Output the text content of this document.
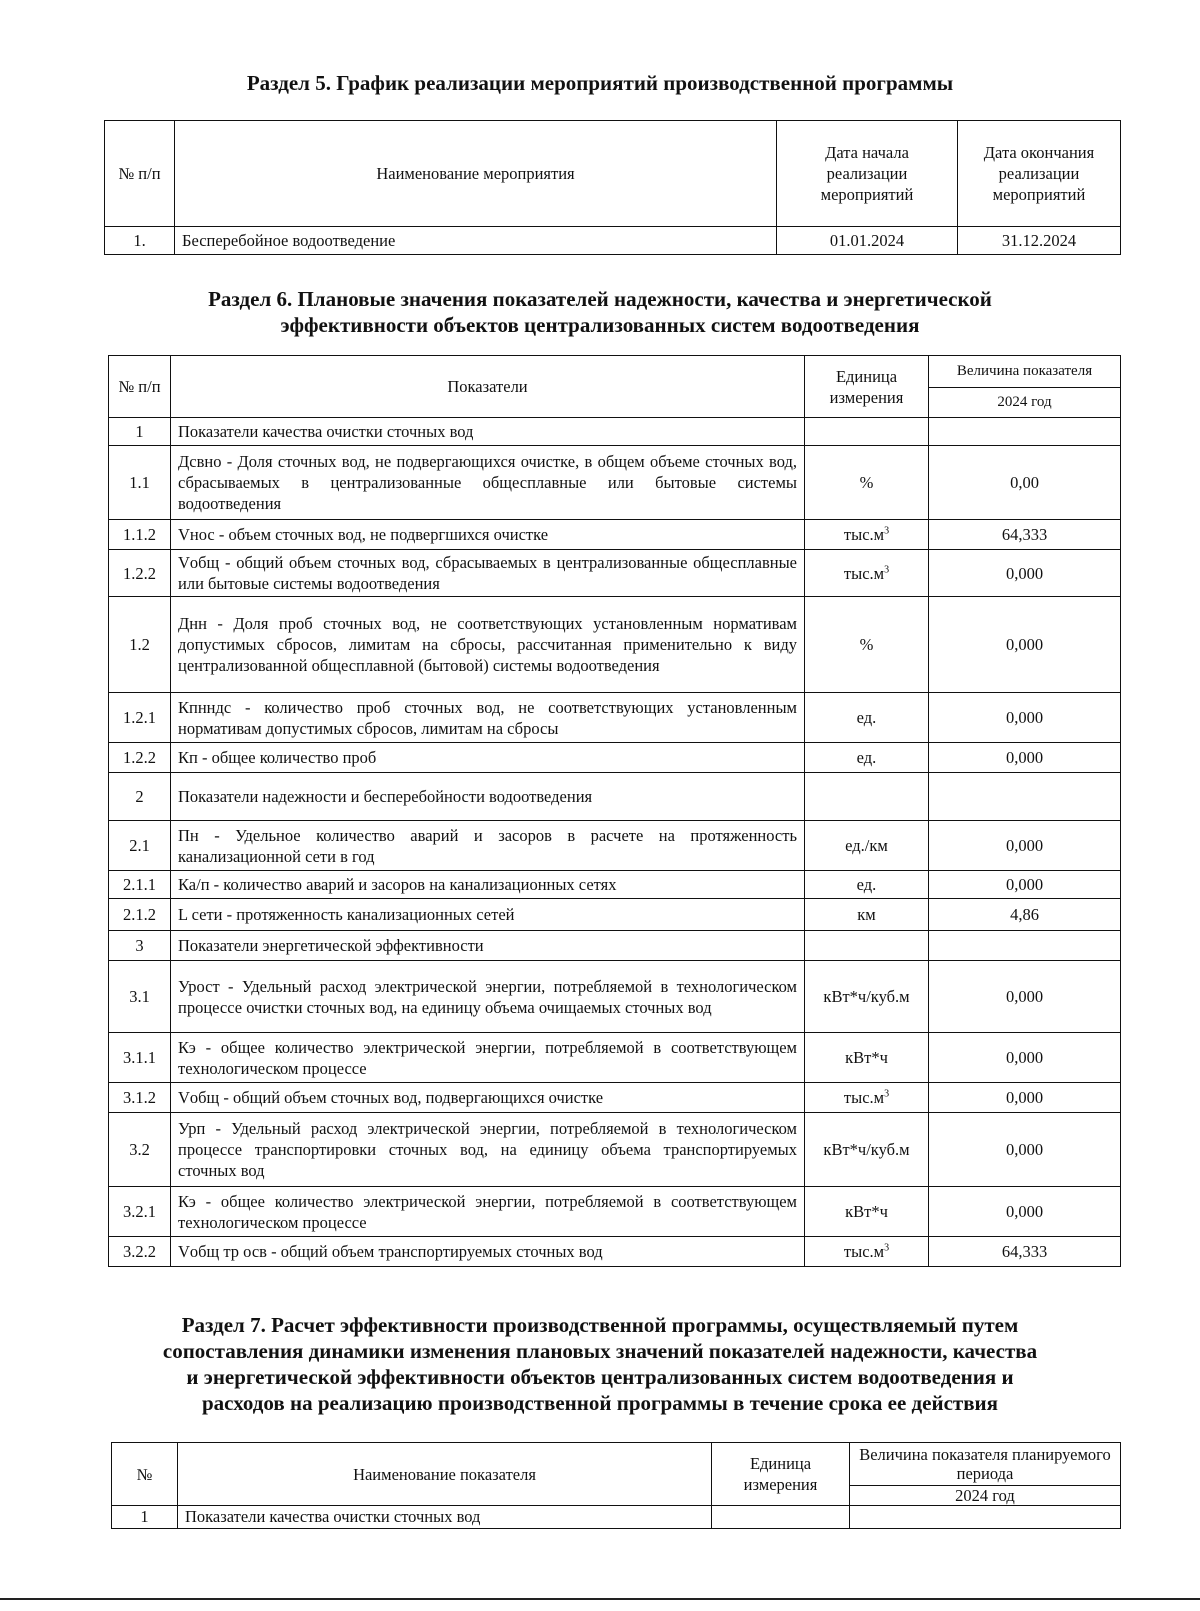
Раздел 5. График реализации мероприятий производственной программы
№ п/п	Наименование мероприятия	Дата начала реализации мероприятий	Дата окончания реализации мероприятий
1.	Бесперебойное водоотведение	01.01.2024	31.12.2024
Раздел 6. Плановые значения показателей надежности, качества и энергетической
эффективности объектов централизованных систем водоотведения
№ п/п	Показатели	Единица измерения	Величина показателя
			2024 год
1	Показатели качества очистки сточных вод		
1.1	Дсвно - Доля сточных вод, не подвергающихся очистке, в общем объеме сточных вод, сбрасываемых в централизованные общесплавные или бытовые системы водоотведения	%	0,00
1.1.2	Vнос - объем сточных вод, не подвергшихся очистке	$тыс.м^3$	64,333
1.2.2	Vобщ - общий объем сточных вод, сбрасываемых в централизованные общесплавные или бытовые системы водоотведения	$тыс.м^3$	0,000
1.2	Днн - Доля проб сточных вод, не соответствующих установленным нормативам допустимых сбросов, лимитам на сбросы, рассчитанная применительно к виду централизованной общесплавной (бытовой) системы водоотведения	%	0,000
1.2.1	Кпнндс - количество проб сточных вод, не соответствующих установленным нормативам допустимых сбросов, лимитам на сбросы	ед.	0,000
1.2.2	Кп - общее количество проб	ед.	0,000
2	Показатели надежности и бесперебойности водоотведения		
2.1	Пн - Удельное количество аварий и засоров в расчете на протяженность канализационной сети в год	ед./км	0,000
2.1.1	Ка/п - количество аварий и засоров на канализационных сетях	ед.	0,000
2.1.2	L сети - протяженность канализационных сетей	км	4,86
3	Показатели энергетической эффективности		
3.1	Урост - Удельный расход электрической энергии, потребляемой в технологическом процессе очистки сточных вод, на единицу объема очищаемых сточных вод	кВт*ч/куб.м	0,000
3.1.1	Кэ - общее количество электрической энергии, потребляемой в соответствующем технологическом процессе	кВт*ч	0,000
3.1.2	Vобщ - общий объем сточных вод, подвергающихся очистке	$тыс.м^3$	0,000
3.2	Урп - Удельный расход электрической энергии, потребляемой в технологическом процессе транспортировки сточных вод, на единицу объема транспортируемых сточных вод	кВт*ч/куб.м	0,000
3.2.1	Кэ - общее количество электрической энергии, потребляемой в соответствующем технологическом процессе	кВт*ч	0,000
3.2.2	Vобщ тр осв - общий объем транспортируемых сточных вод	$тыс.м^3$	64,333
Раздел 7. Расчет эффективности производственной программы, осуществляемый путем
сопоставления динамики изменения плановых значений показателей надежности, качества
и энергетической эффективности объектов централизованных систем водоотведения и
расходов на реализацию производственной программы в течение срока ее действия
№	Наименование показателя	Единица измерения	Величина показателя планируемого периода
			2024 год
1	Показатели качества очистки сточных вод		
